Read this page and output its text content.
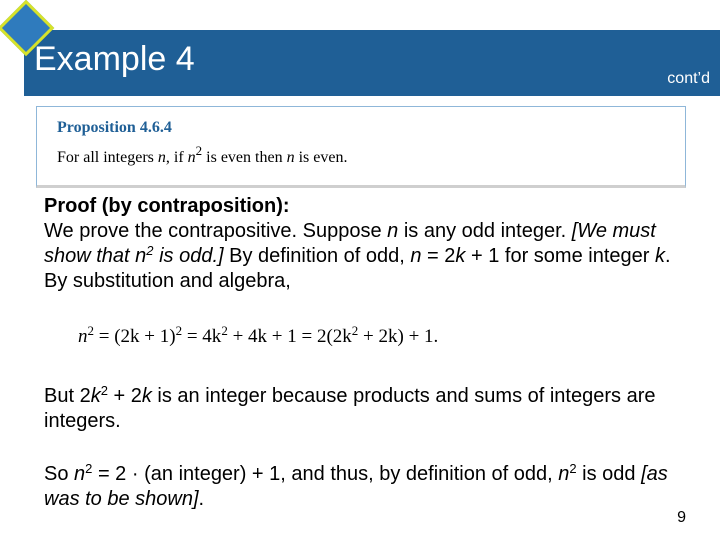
Example 4
cont’d
Proposition 4.6.4
For all integers n, if $n^2$ is even then n is even.
Proof (by contraposition):
We prove the contrapositive. Suppose n is any odd integer. [We must show that $n^2$ is odd.] By definition of odd, n = 2k + 1 for some integer k. By substitution and algebra,
$n^2 = (2k + 1)^2 = 4k^2 + 4k + 1 = 2(2k^2 + 2k) + 1$.
But $2k^2 + 2k$ is an integer because products and sums of integers are integers.
So $n^2 = 2 \cdot (an$ integer) + 1, and thus, by definition of odd, $n^2$ is odd [as was to be shown].
9
